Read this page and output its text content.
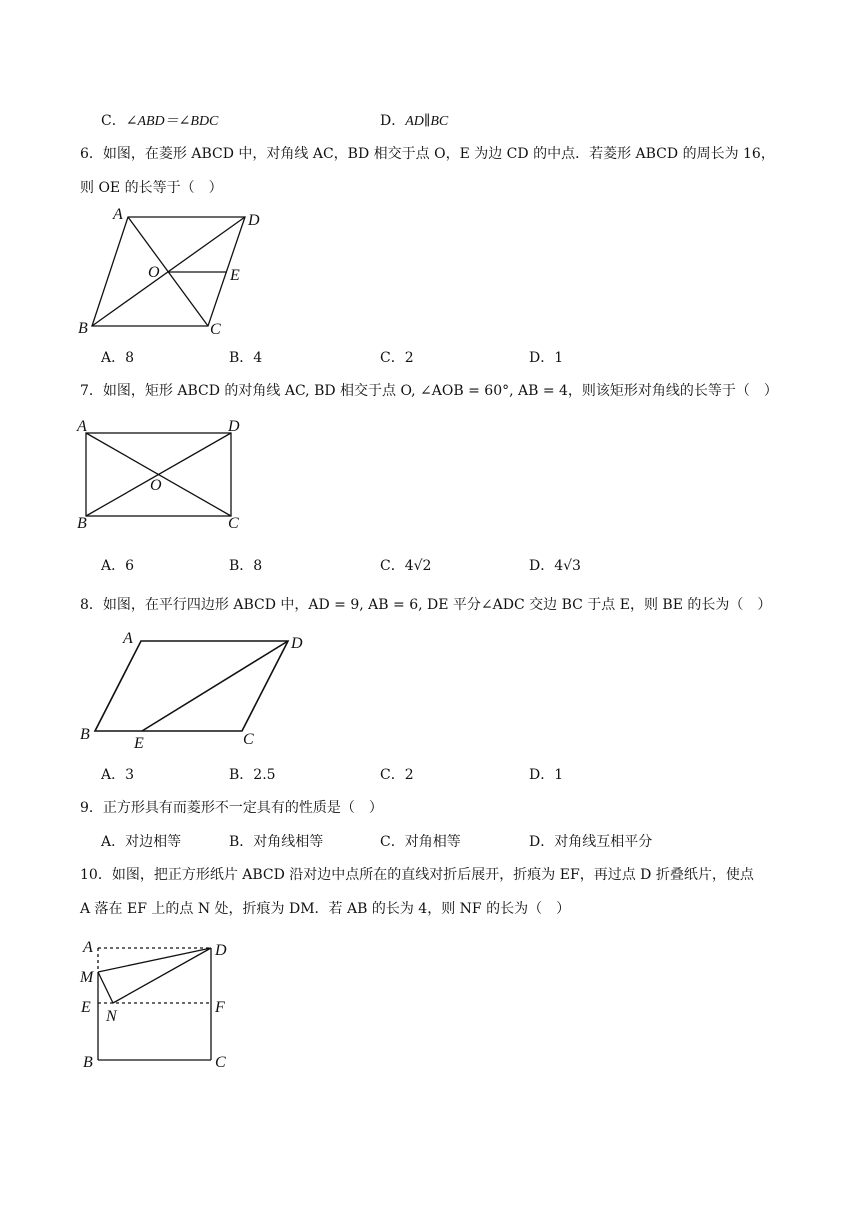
C．∠ABD＝∠BDC	D．AD∥BC
6．如图，在菱形 ABCD 中，对角线 AC，BD 相交于点 O，E 为边 CD 的中点．若菱形 ABCD 的周长为 16，
则 OE 的长等于（　）
A	D
O	E
B	C
A．8	B．4	C．2	D．1
7．如图，矩形 ABCD 的对角线 AC, BD 相交于点 O, ∠AOB = 60°, AB = 4，则该矩形对角线的长等于（　）
A	D
O
B	C
A．6	B．8	C．4√2	D．4√3
8．如图，在平行四边形 ABCD 中，AD = 9, AB = 6, DE 平分∠ADC 交边 BC 于点 E，则 BE 的长为（　）
A	D
B
E	C
A．3	B．2.5	C．2	D．1
9．正方形具有而菱形不一定具有的性质是（　）
A．对边相等	B．对角线相等	C．对角相等	D．对角线互相平分
10．如图，把正方形纸片 ABCD 沿对边中点所在的直线对折后展开，折痕为 EF，再过点 D 折叠纸片，使点
A 落在 EF 上的点 N 处，折痕为 DM．若 AB 的长为 4，则 NF 的长为（　）
A	D
M
E
N
F
B	C
